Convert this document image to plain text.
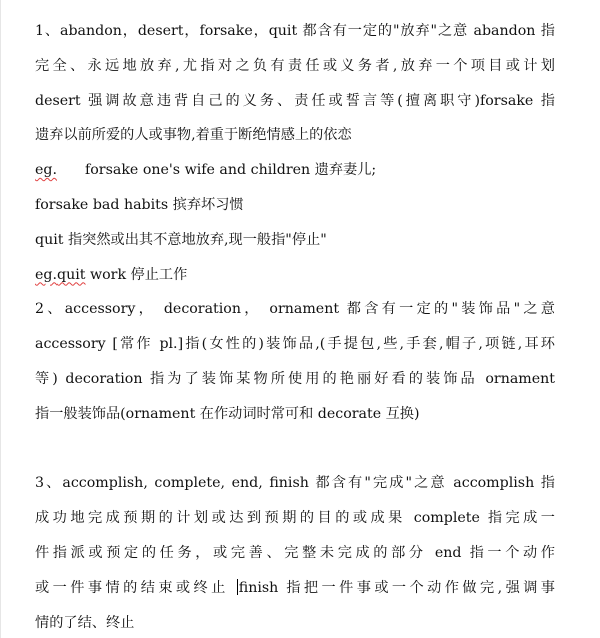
1、abandon，desert，forsake，quit 都含有一定的"放弃"之意 abandon 指
完全、永远地放弃,尤指对之负有责任或义务者,放弃一个项目或计划
desert 强调故意违背自己的义务、责任或誓言等(擅离职守)forsake 指
遗弃以前所爱的人或事物,着重于断绝情感上的依恋
eg. forsake one's wife and children 遗弃妻儿;
forsake bad habits 摈弃坏习惯
quit 指突然或出其不意地放弃,现一般指"停止"
eg.quit work 停止工作
2、accessory， decoration， ornament 都含有一定的"装饰品"之意
accessory [常作 pl.]指(女性的)装饰品,(手提包,些,手套,帽子,项链,耳环
等) decoration 指为了装饰某物所使用的艳丽好看的装饰品 ornament
指一般装饰品(ornament 在作动词时常可和 decorate 互换)
3、accomplish, complete, end, finish 都含有"完成"之意 accomplish 指
成功地完成预期的计划或达到预期的目的或成果 complete 指完成一
件指派或预定的任务，或完善、完整未完成的部分 end 指一个动作
或一件事情的结束或终止 finish 指把一件事或一个动作做完,强调事
情的了结、终止
